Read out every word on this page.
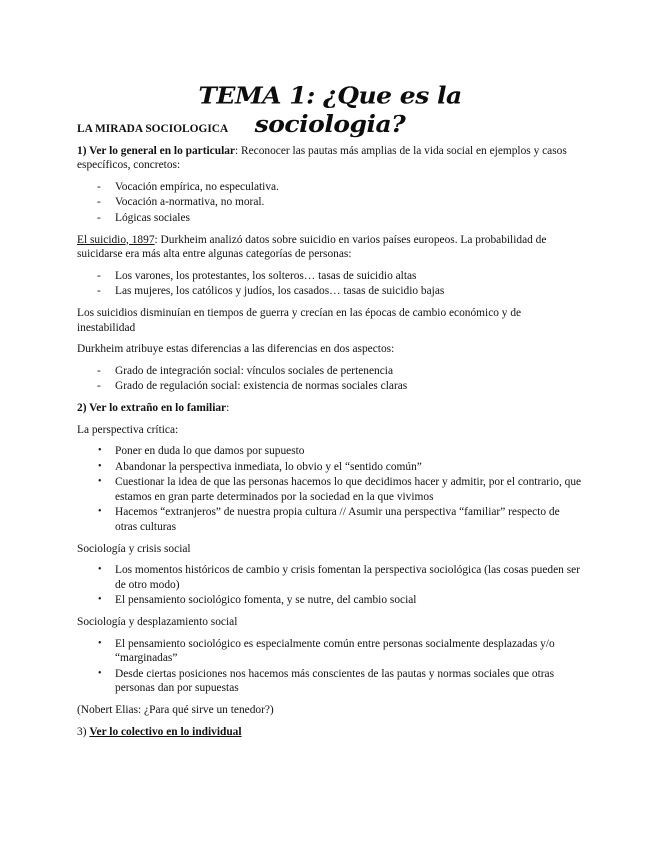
TEMA 1: ¿Que es la sociologia?
LA MIRADA SOCIOLOGICA
1) Ver lo general en lo particular: Reconocer las pautas más amplias de la vida social en ejemplos y casos específicos, concretos:
- Vocación empírica, no especulativa.
- Vocación a-normativa, no moral.
- Lógicas sociales
El suicidio, 1897: Durkheim analizó datos sobre suicidio en varios países europeos. La probabilidad de suicidarse era más alta entre algunas categorías de personas:
- Los varones, los protestantes, los solteros… tasas de suicidio altas
- Las mujeres, los católicos y judíos, los casados… tasas de suicidio bajas
Los suicidios disminuían en tiempos de guerra y crecían en las épocas de cambio económico y de inestabilidad
Durkheim atribuye estas diferencias a las diferencias en dos aspectos:
- Grado de integración social: vínculos sociales de pertenencia
- Grado de regulación social: existencia de normas sociales claras
2) Ver lo extraño en lo familiar:
La perspectiva crítica:
• Poner en duda lo que damos por supuesto
• Abandonar la perspectiva inmediata, lo obvio y el “sentido común”
• Cuestionar la idea de que las personas hacemos lo que decidimos hacer y admitir, por el contrario, que estamos en gran parte determinados por la sociedad en la que vivimos
• Hacemos “extranjeros” de nuestra propia cultura // Asumir una perspectiva “familiar” respecto de otras culturas
Sociología y crisis social
• Los momentos históricos de cambio y crisis fomentan la perspectiva sociológica (las cosas pueden ser de otro modo)
• El pensamiento sociológico fomenta, y se nutre, del cambio social
Sociología y desplazamiento social
• El pensamiento sociológico es especialmente común entre personas socialmente desplazadas y/o “marginadas”
• Desde ciertas posiciones nos hacemos más conscientes de las pautas y normas sociales que otras personas dan por supuestas
(Nobert Elias: ¿Para qué sirve un tenedor?)
3) Ver lo colectivo en lo individual
